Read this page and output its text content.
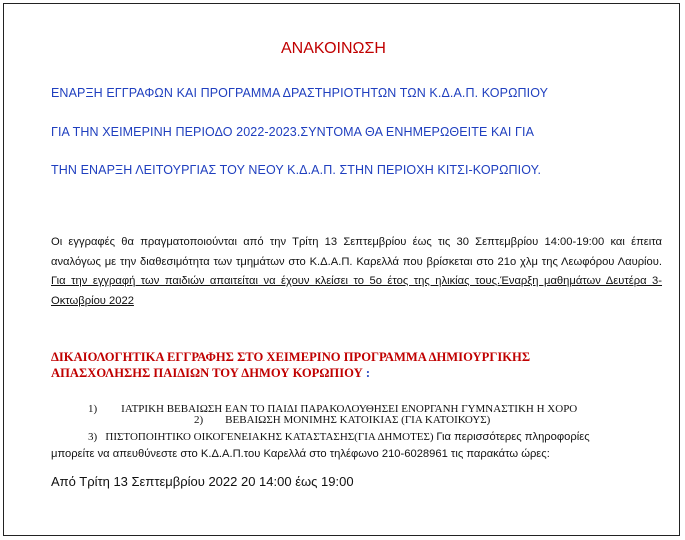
ΑΝΑΚΟΙΝΩΣΗ
ΕΝΑΡΞΗ ΕΓΓΡΑΦΩΝ ΚΑΙ ΠΡΟΓΡΑΜΜΑ ΔΡΑΣΤΗΡΙΟΤΗΤΩΝ ΤΩΝ Κ.Δ.Α.Π. ΚΟΡΩΠΙΟΥ
ΓΙΑ ΤΗΝ ΧΕΙΜΕΡΙΝΗ ΠΕΡΙΟΔΟ 2022-2023.ΣΥΝΤΟΜΑ ΘΑ ΕΝΗΜΕΡΩΘΕΙΤΕ ΚΑΙ ΓΙΑ
ΤΗΝ ΕΝΑΡΞΗ ΛΕΙΤΟΥΡΓΙΑΣ ΤΟΥ ΝΕΟΥ Κ.Δ.Α.Π. ΣΤΗΝ ΠΕΡΙΟΧΗ ΚΙΤΣΙ-ΚΟΡΩΠΙΟΥ.
Οι εγγραφές θα πραγματοποιούνται από την Τρίτη 13 Σεπτεμβρίου έως τις 30 Σεπτεμβρίου 14:00-19:00 και έπειτα αναλόγως με την διαθεσιμότητα των τμημάτων στο Κ.Δ.Α.Π. Καρελλά που βρίσκεται στο 21ο χλμ της Λεωφόρου Λαυρίου. Για την εγγραφή των παιδιών απαιτείται να έχουν κλείσει το 5ο έτος της ηλικίας τους.Έναρξη μαθημάτων Δευτέρα 3-Οκτωβρίου 2022
ΔΙΚΑΙΟΛΟΓΗΤΙΚΑ ΕΓΓΡΑΦΗΣ ΣΤΟ ΧΕΙΜΕΡΙΝΟ ΠΡΟΓΡΑΜΜΑ ΔΗΜΙΟΥΡΓΙΚΗΣ
ΑΠΑΣΧΟΛΗΣΗΣ ΠΑΙΔΙΩΝ ΤΟΥ ΔΗΜΟΥ ΚΟΡΩΠΙΟΥ :
1) ΙΑΤΡΙΚΗ ΒΕΒΑΙΩΣΗ ΕΑΝ ΤΟ ΠΑΙΔΙ ΠΑΡΑΚΟΛΟΥΘΗΣΕΙ ΕΝΟΡΓΑΝΗ ΓΥΜΝΑΣΤΙΚΗ Η ΧΟΡΟ
2) ΒΕΒΑΙΩΣΗ ΜΟΝΙΜΗΣ ΚΑΤΟΙΚΙΑΣ (ΓΙΑ ΚΑΤΟΙΚΟΥΣ)
3) ΠΙΣΤΟΠΟΙΗΤΙΚΟ ΟΙΚΟΓΕΝΕΙΑΚΗΣ ΚΑΤΑΣΤΑΣΗΣ(ΓΙΑ ΔΗΜΟΤΕΣ) Για περισσότερες πληροφορίες
μπορείτε να απευθύνεστε στο Κ.Δ.Α.Π.του Καρελλά στο τηλέφωνο 210-6028961 τις παρακάτω ώρες:
Από Τρίτη 13 Σεπτεμβρίου 2022 20 14:00 έως 19:00
